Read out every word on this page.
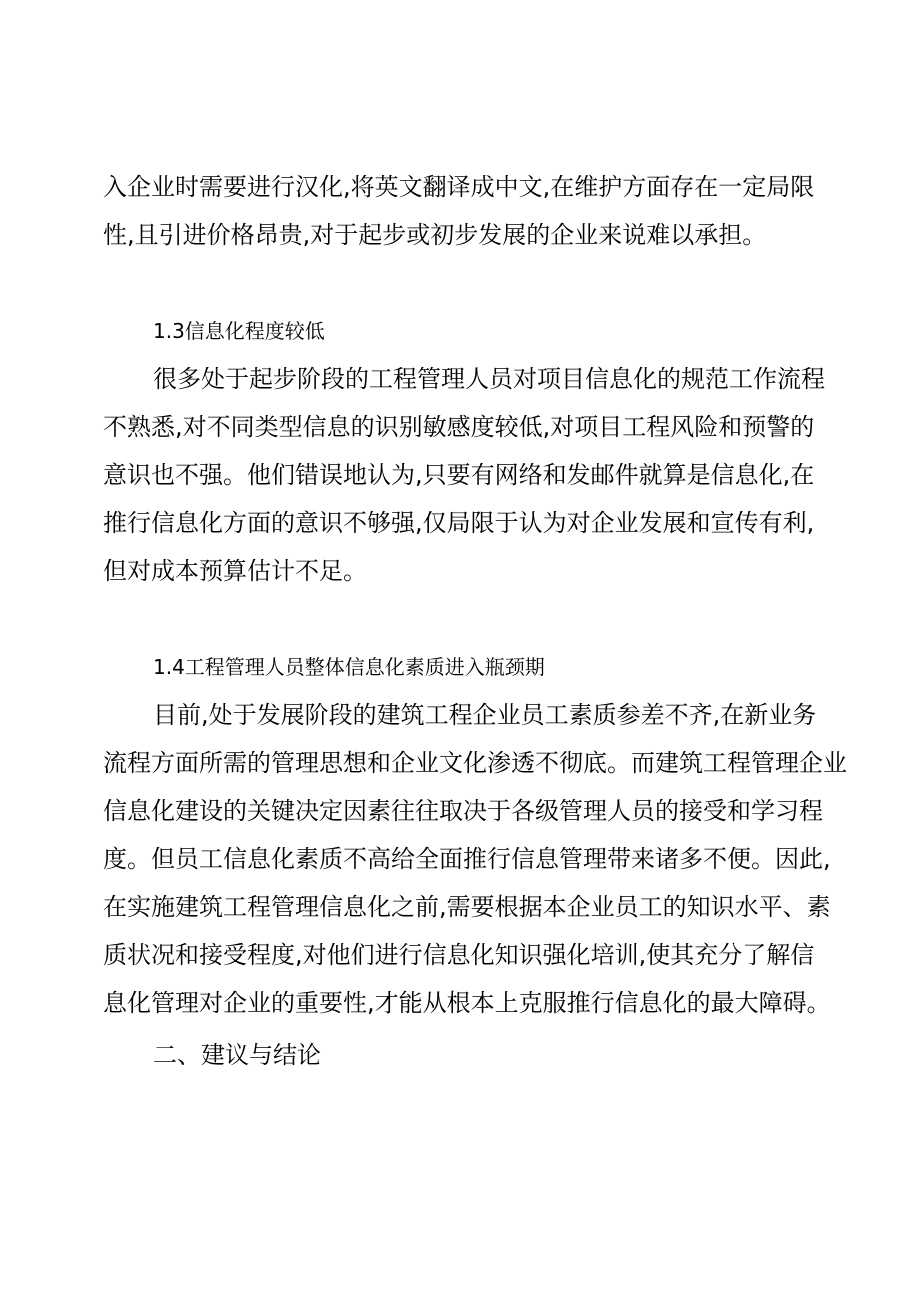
入企业时需要进行汉化,将英文翻译成中文,在维护方面存在一定局限

性,且引进价格昂贵,对于起步或初步发展的企业来说难以承担。

1.3信息化程度较低

很多处于起步阶段的工程管理人员对项目信息化的规范工作流程

不熟悉,对不同类型信息的识别敏感度较低,对项目工程风险和预警的

意识也不强。他们错误地认为,只要有网络和发邮件就算是信息化,在

推行信息化方面的意识不够强,仅局限于认为对企业发展和宣传有利,

但对成本预算估计不足。

1.4工程管理人员整体信息化素质进入瓶颈期

目前,处于发展阶段的建筑工程企业员工素质参差不齐,在新业务

流程方面所需的管理思想和企业文化渗透不彻底。而建筑工程管理企业

信息化建设的关键决定因素往往取决于各级管理人员的接受和学习程

度。但员工信息化素质不高给全面推行信息管理带来诸多不便。因此,

在实施建筑工程管理信息化之前,需要根据本企业员工的知识水平、素

质状况和接受程度,对他们进行信息化知识强化培训,使其充分了解信

息化管理对企业的重要性,才能从根本上克服推行信息化的最大障碍。

二、建议与结论
